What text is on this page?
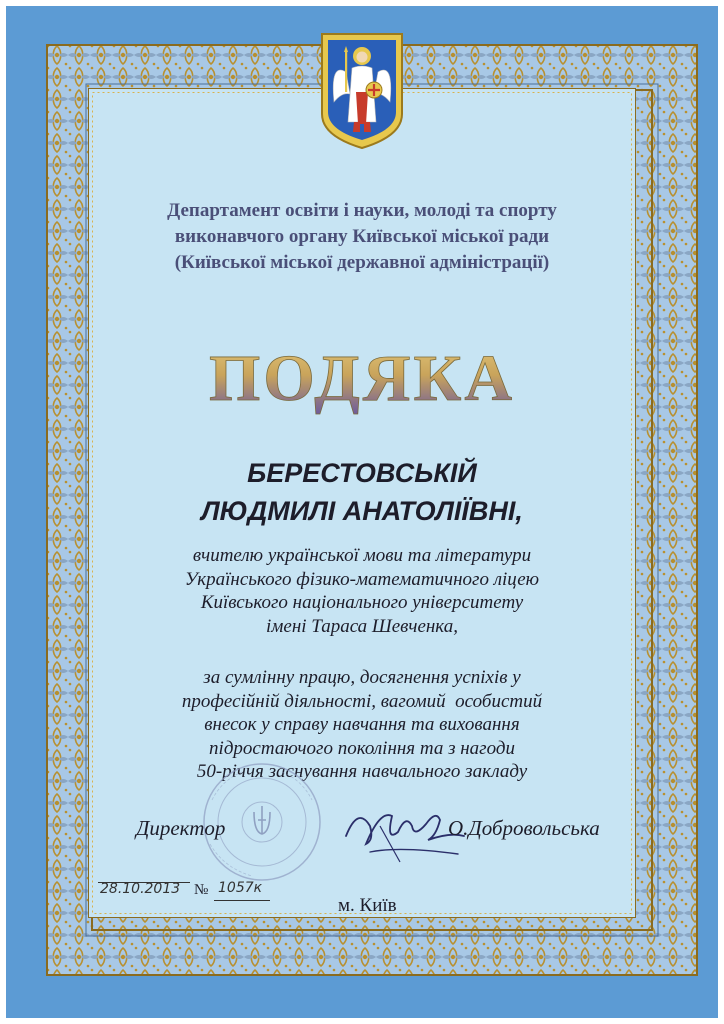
Департамент освіти і науки, молоді та спорту
виконавчого органу Київської міської ради
(Київської міської державної адміністрації)
ПОДЯКА
БЕРЕСТОВСЬКІЙ
ЛЮДМИЛІ АНАТОЛІЇВНІ,
вчителю української мови та літератури
Українського фізико-математичного ліцею
Київського національного університету
імені Тараса Шевченка,
за сумлінну працю, досягнення успіхів у
професійній діяльності, вагомий  особистий
внесок у справу навчання та виховання
підростаючого покоління та з нагоди
50-річчя заснування навчального закладу
Директор	О.Добровольська
28.10.2013 № 1057к
м. Київ
